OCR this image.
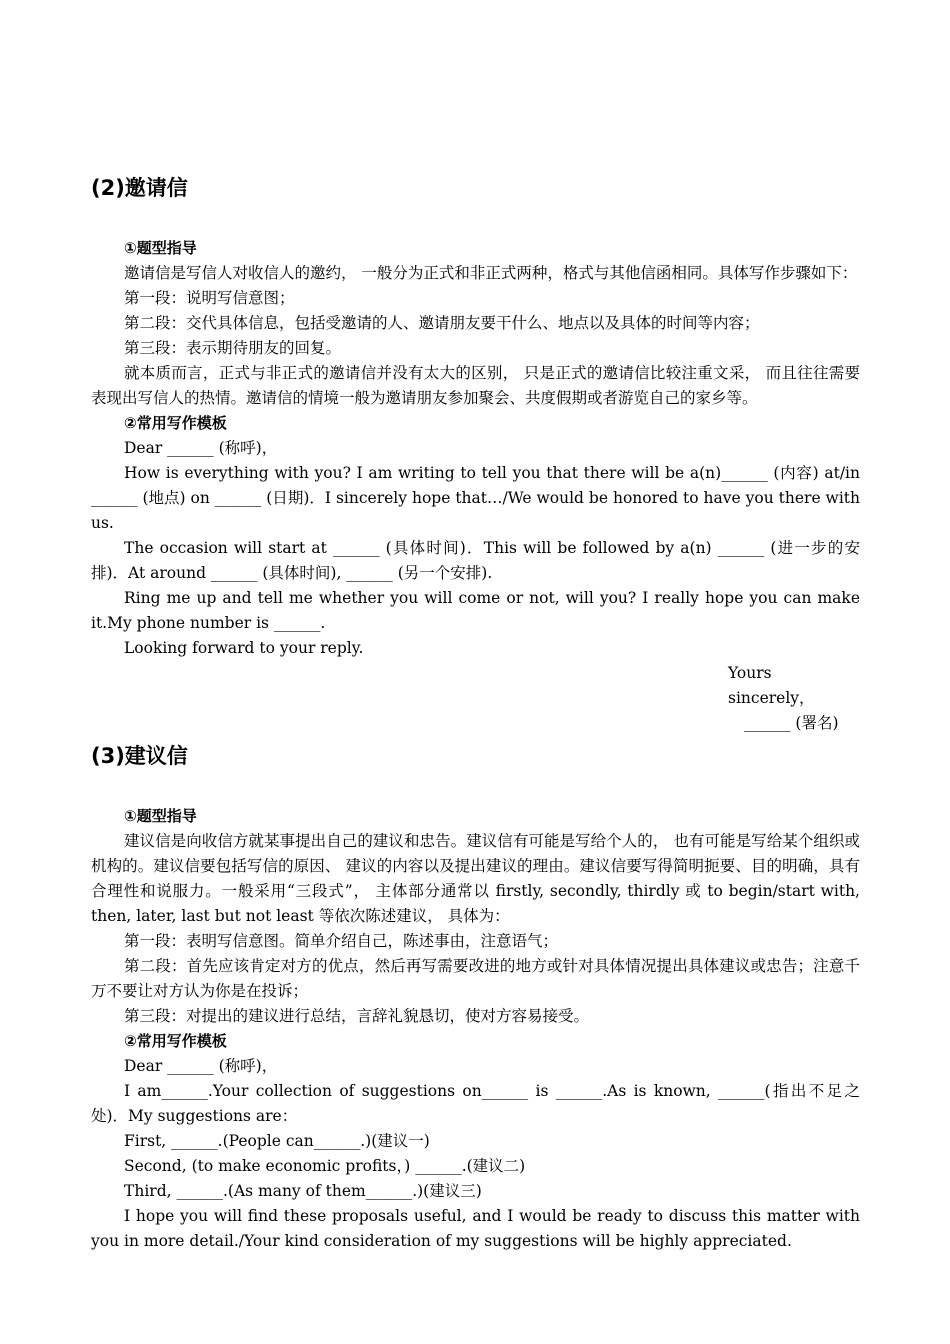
(2)邀请信

①题型指导

邀请信是写信人对收信人的邀约， 一般分为正式和非正式两种，格式与其他信函相同。具体写作步骤如下：

第一段：说明写信意图；

第二段：交代具体信息，包括受邀请的人、邀请朋友要干什么、地点以及具体的时间等内容；

第三段：表示期待朋友的回复。

就本质而言，正式与非正式的邀请信并没有太大的区别， 只是正式的邀请信比较注重文采， 而且往往需要表现出写信人的热情。邀请信的情境一般为邀请朋友参加聚会、共度假期或者游览自己的家乡等。

②常用写作模板

Dear ______ (称呼)，

How is everything with you? I am writing to tell you that there will be a(n)______ (内容) at/in ______ (地点) on ______ (日期)．I sincerely hope that…/We would be honored to have you there with us.

The occasion will start at ______ (具体时间)．This will be followed by a(n) ______ (进一步的安排)．At around ______ (具体时间), ______ (另一个安排).

Ring me up and tell me whether you will come or not, will you? I really hope you can make it.My phone number is ______.

Looking forward to your reply.

Yours sincerely，

______ (署名)

(3)建议信

①题型指导

建议信是向收信方就某事提出自己的建议和忠告。建议信有可能是写给个人的， 也有可能是写给某个组织或机构的。建议信要包括写信的原因、 建议的内容以及提出建议的理由。建议信要写得简明扼要、目的明确，具有合理性和说服力。一般采用“三段式”， 主体部分通常以 firstly, secondly, thirdly 或 to begin/start with, then, later, last but not least 等依次陈述建议， 具体为：

第一段：表明写信意图。简单介绍自己，陈述事由，注意语气；

第二段：首先应该肯定对方的优点，然后再写需要改进的地方或针对具体情况提出具体建议或忠告；注意千万不要让对方认为你是在投诉；

第三段：对提出的建议进行总结，言辞礼貌恳切，使对方容易接受。

②常用写作模板

Dear ______ (称呼)，

I am______.Your collection of suggestions on______ is ______.As is known, ______(指出不足之处)．My suggestions are：

First, ______.(People can______.)(建议一)

Second, (to make economic profits，) ______.(建议二)

Third, ______.(As many of them______.)(建议三)

I hope you will find these proposals useful, and I would be ready to discuss this matter with you in more detail./Your kind consideration of my suggestions will be highly appreciated.
